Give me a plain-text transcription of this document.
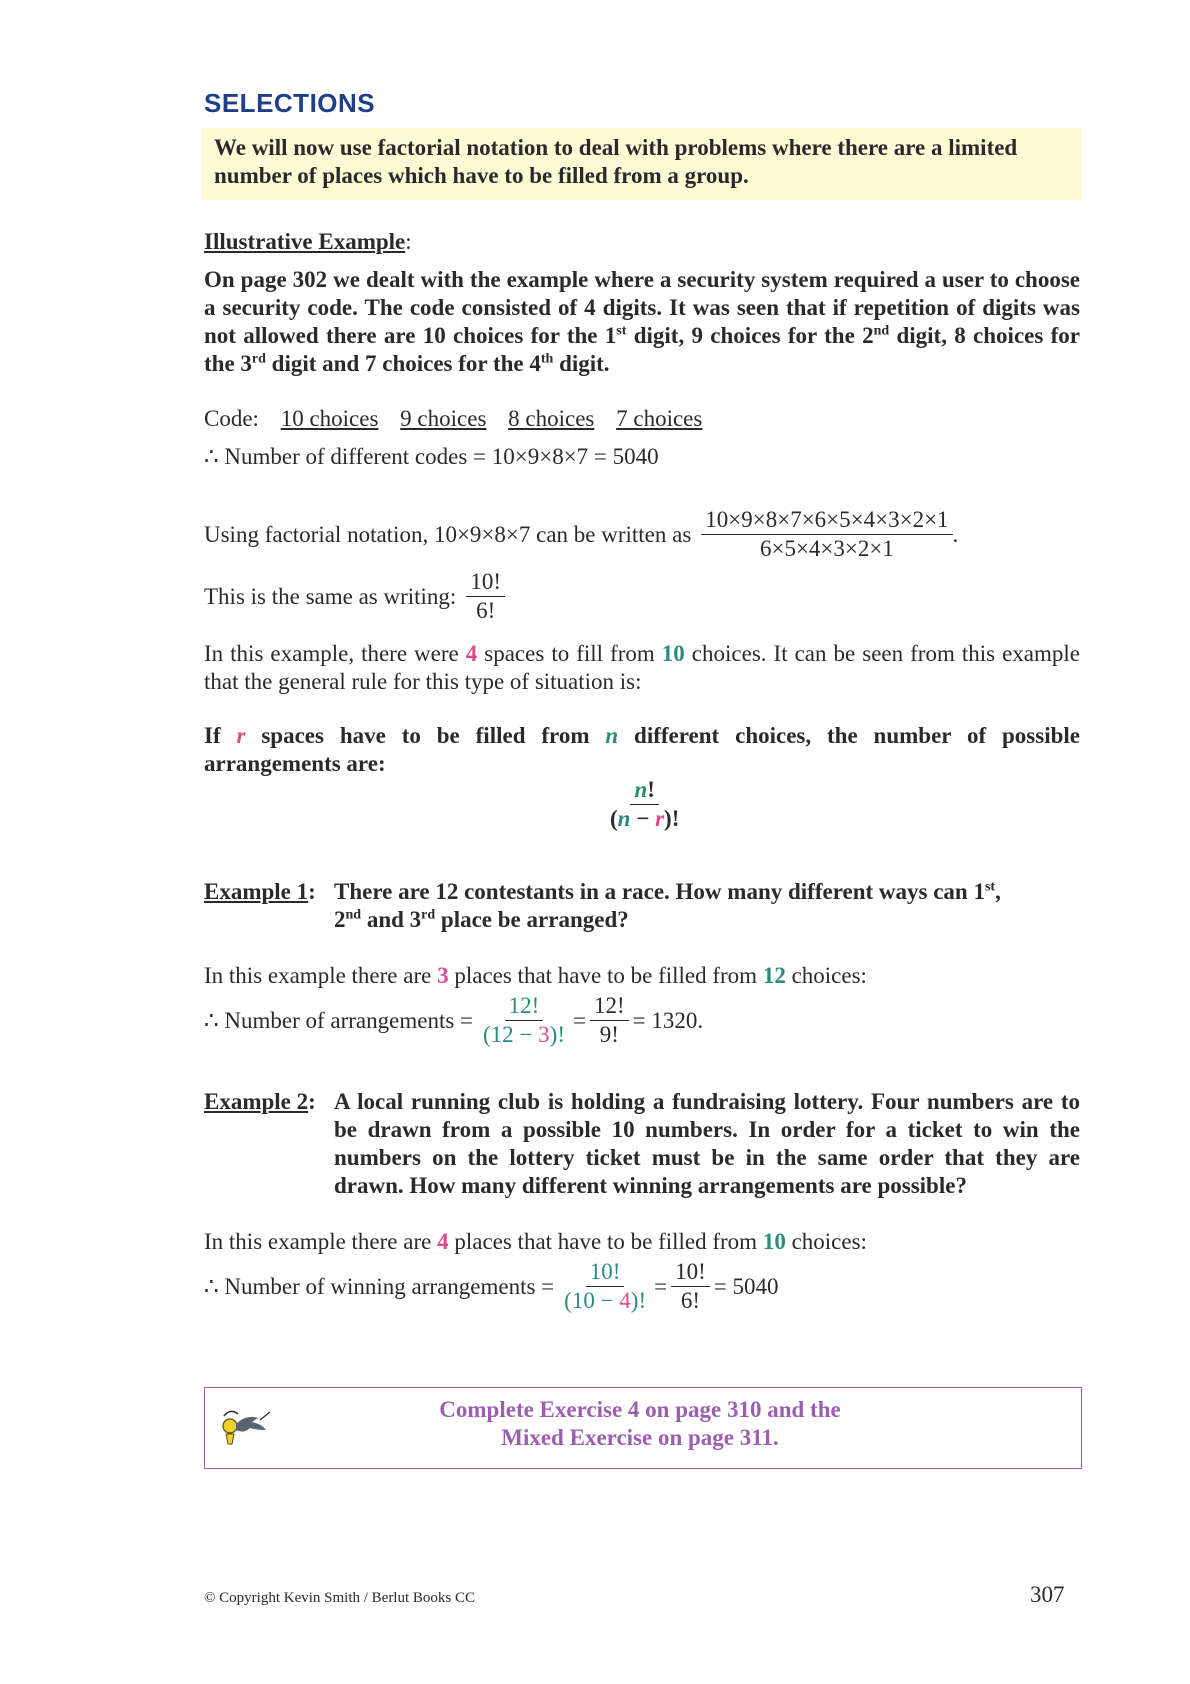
SELECTIONS
We will now use factorial notation to deal with problems where there are a limited number of places which have to be filled from a group.
Illustrative Example:
On page 302 we dealt with the example where a security system required a user to choose a security code. The code consisted of 4 digits. It was seen that if repetition of digits was not allowed there are 10 choices for the 1st digit, 9 choices for the 2nd digit, 8 choices for the 3rd digit and 7 choices for the 4th digit.
Code: 10 choices 9 choices 8 choices 7 choices
∴ Number of different codes = 10×9×8×7 = 5040
Using factorial notation, 10×9×8×7 can be written as $\frac{10\times 9\times 8\times 7\times 6\times 5\times 4\times 3\times 2\times 1}{6\times 5\times 4\times 3\times 2\times 1}$ .
This is the same as writing: $\frac{10!}{6!}$
In this example, there were 4 spaces to fill from 10 choices. It can be seen from this example that the general rule for this type of situation is:
If r spaces have to be filled from n different choices, the number of possible arrangements are:
$\frac{n!}{(n - r)!}$
Example 1: There are 12 contestants in a race. How many different ways can 1st,
2nd and 3rd place be arranged?
In this example there are 3 places that have to be filled from 12 choices:
∴ Number of arrangements = $\frac{12!}{(12 - 3)!} = \frac{12!}{9!} = 1320$.
Example 2: A local running club is holding a fundraising lottery. Four numbers are to be drawn from a possible 10 numbers. In order for a ticket to win the numbers on the lottery ticket must be in the same order that they are drawn. How many different winning arrangements are possible?
In this example there are 4 places that have to be filled from 10 choices:
∴ Number of winning arrangements = $\frac{10!}{(10 - 4)!} = \frac{10!}{6!} = 5040$
Complete Exercise 4 on page 310 and the
Mixed Exercise on page 311.
© Copyright Kevin Smith / Berlut Books CC	307
